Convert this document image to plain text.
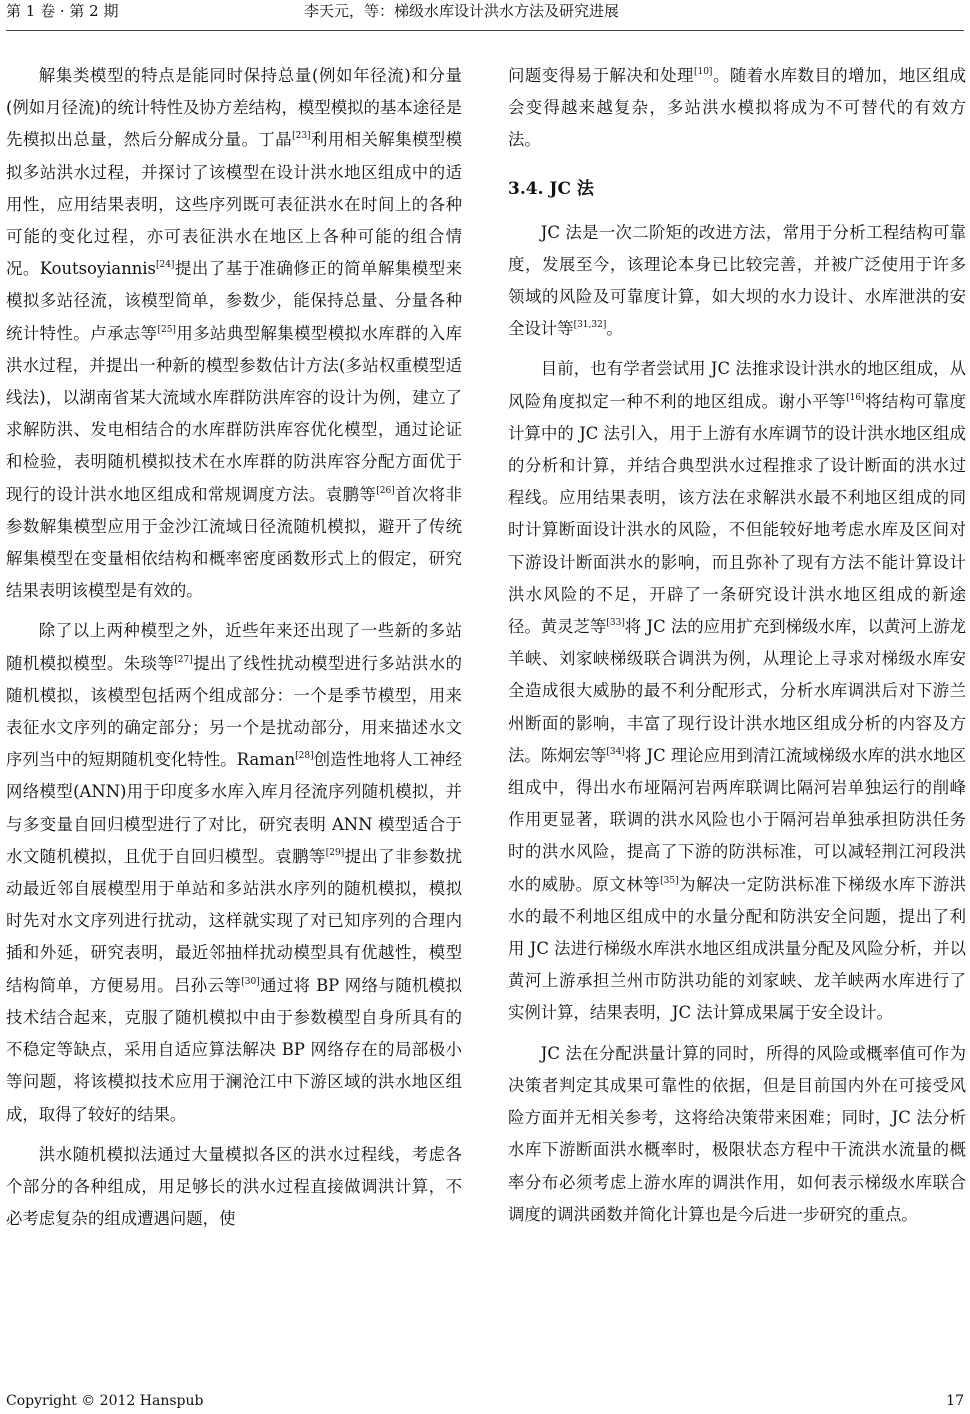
第 1 卷 · 第 2 期	李天元，等：梯级水库设计洪水方法及研究进展

解集类模型的特点是能同时保持总量(例如年径流)和分量(例如月径流)的统计特性及协方差结构，模型模拟的基本途径是先模拟出总量，然后分解成分量。丁晶[23]利用相关解集模型模拟多站洪水过程，并探讨了该模型在设计洪水地区组成中的适用性，应用结果表明，这些序列既可表征洪水在时间上的各种可能的变化过程，亦可表征洪水在地区上各种可能的组合情况。Koutsoyiannis[24]提出了基于准确修正的简单解集模型来模拟多站径流，该模型简单，参数少，能保持总量、分量各种统计特性。卢承志等[25]用多站典型解集模型模拟水库群的入库洪水过程，并提出一种新的模型参数估计方法(多站权重模型适线法)，以湖南省某大流域水库群防洪库容的设计为例，建立了求解防洪、发电相结合的水库群防洪库容优化模型，通过论证和检验，表明随机模拟技术在水库群的防洪库容分配方面优于现行的设计洪水地区组成和常规调度方法。袁鹏等[26]首次将非参数解集模型应用于金沙江流域日径流随机模拟，避开了传统解集模型在变量相依结构和概率密度函数形式上的假定，研究结果表明该模型是有效的。

除了以上两种模型之外，近些年来还出现了一些新的多站随机模拟模型。朱琰等[27]提出了线性扰动模型进行多站洪水的随机模拟，该模型包括两个组成部分：一个是季节模型，用来表征水文序列的确定部分；另一个是扰动部分，用来描述水文序列当中的短期随机变化特性。Raman[28]创造性地将人工神经网络模型(ANN)用于印度多水库入库月径流序列随机模拟，并与多变量自回归模型进行了对比，研究表明 ANN 模型适合于水文随机模拟，且优于自回归模型。袁鹏等[29]提出了非参数扰动最近邻自展模型用于单站和多站洪水序列的随机模拟，模拟时先对水文序列进行扰动，这样就实现了对已知序列的合理内插和外延，研究表明，最近邻抽样扰动模型具有优越性，模型结构简单，方便易用。吕孙云等[30]通过将 BP 网络与随机模拟技术结合起来，克服了随机模拟中由于参数模型自身所具有的不稳定等缺点，采用自适应算法解决 BP 网络存在的局部极小等问题，将该模拟技术应用于澜沧江中下游区域的洪水地区组成，取得了较好的结果。

洪水随机模拟法通过大量模拟各区的洪水过程线，考虑各个部分的各种组成，用足够长的洪水过程直接做调洪计算，不必考虑复杂的组成遭遇问题，使

问题变得易于解决和处理[10]。随着水库数目的增加，地区组成会变得越来越复杂，多站洪水模拟将成为不可替代的有效方法。

3.4. JC 法

JC 法是一次二阶矩的改进方法，常用于分析工程结构可靠度，发展至今，该理论本身已比较完善，并被广泛使用于许多领域的风险及可靠度计算，如大坝的水力设计、水库泄洪的安全设计等[31,32]。

目前，也有学者尝试用 JC 法推求设计洪水的地区组成，从风险角度拟定一种不利的地区组成。谢小平等[16]将结构可靠度计算中的 JC 法引入，用于上游有水库调节的设计洪水地区组成的分析和计算，并结合典型洪水过程推求了设计断面的洪水过程线。应用结果表明，该方法在求解洪水最不利地区组成的同时计算断面设计洪水的风险，不但能较好地考虑水库及区间对下游设计断面洪水的影响，而且弥补了现有方法不能计算设计洪水风险的不足，开辟了一条研究设计洪水地区组成的新途径。黄灵芝等[33]将 JC 法的应用扩充到梯级水库，以黄河上游龙羊峡、刘家峡梯级联合调洪为例，从理论上寻求对梯级水库安全造成很大威胁的最不利分配形式，分析水库调洪后对下游兰州断面的影响，丰富了现行设计洪水地区组成分析的内容及方法。陈炯宏等[34]将 JC 理论应用到清江流域梯级水库的洪水地区组成中，得出水布垭隔河岩两库联调比隔河岩单独运行的削峰作用更显著，联调的洪水风险也小于隔河岩单独承担防洪任务时的洪水风险，提高了下游的防洪标准，可以减轻荆江河段洪水的威胁。原文林等[35]为解决一定防洪标准下梯级水库下游洪水的最不利地区组成中的水量分配和防洪安全问题，提出了利用 JC 法进行梯级水库洪水地区组成洪量分配及风险分析，并以黄河上游承担兰州市防洪功能的刘家峡、龙羊峡两水库进行了实例计算，结果表明，JC 法计算成果属于安全设计。

JC 法在分配洪量计算的同时，所得的风险或概率值可作为决策者判定其成果可靠性的依据，但是目前国内外在可接受风险方面并无相关参考，这将给决策带来困难；同时，JC 法分析水库下游断面洪水概率时，极限状态方程中干流洪水流量的概率分布必须考虑上游水库的调洪作用，如何表示梯级水库联合调度的调洪函数并简化计算也是今后进一步研究的重点。

Copyright © 2012 Hanspub	17
